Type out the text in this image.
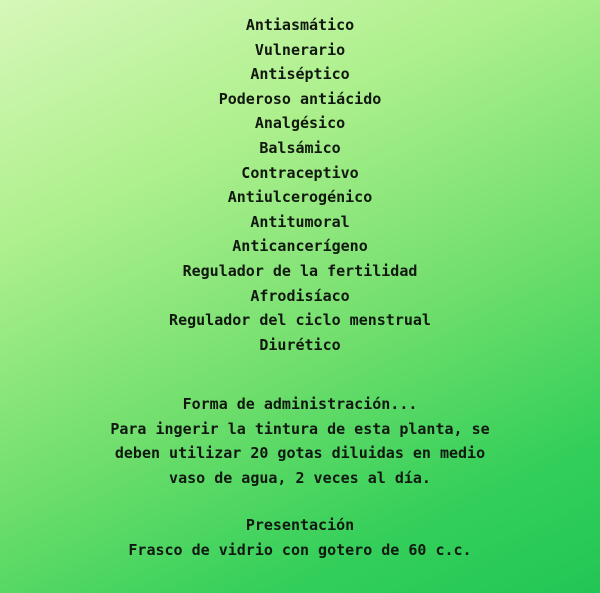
Antiasmático
Vulnerario
Antiséptico
Poderoso antiácido
Analgésico
Balsámico
Contraceptivo
Antiulcerogénico
Antitumoral
Anticancerígeno
Regulador de la fertilidad
Afrodisíaco
Regulador del ciclo menstrual
Diurético
Forma de administración...
Para ingerir la tintura de esta planta, se
deben utilizar 20 gotas diluidas en medio
vaso de agua, 2 veces al día.
Presentación
Frasco de vidrio con gotero de 60 c.c.
